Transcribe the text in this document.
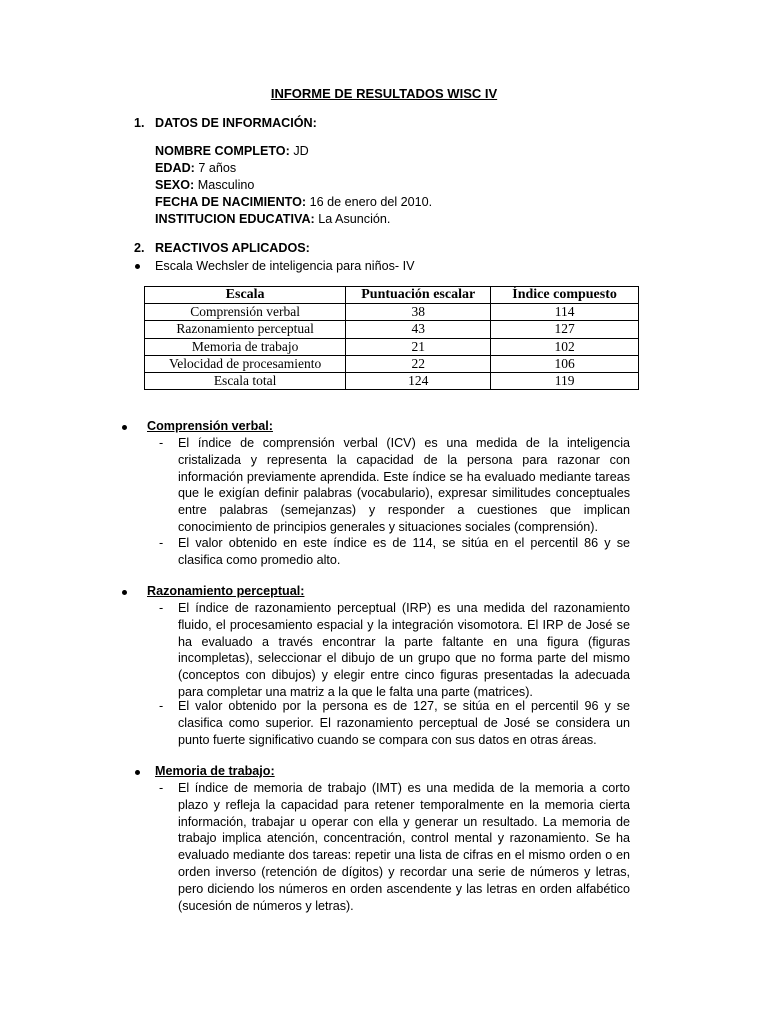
INFORME DE RESULTADOS WISC IV
1. DATOS DE INFORMACIÓN:
NOMBRE COMPLETO: JD
EDAD: 7 años
SEXO: Masculino
FECHA DE NACIMIENTO: 16 de enero del 2010.
INSTITUCION EDUCATIVA: La Asunción.
2. REACTIVOS APLICADOS:
Escala Wechsler de inteligencia para niños- IV
Escala	Puntuación escalar	Índice compuesto
Comprensión verbal	38	114
Razonamiento perceptual	43	127
Memoria de trabajo	21	102
Velocidad de procesamiento	22	106
Escala total	124	119
Comprensión verbal:
- El índice de comprensión verbal (ICV) es una medida de la inteligencia cristalizada y representa la capacidad de la persona para razonar con información previamente aprendida. Este índice se ha evaluado mediante tareas que le exigían definir palabras (vocabulario), expresar similitudes conceptuales entre palabras (semejanzas) y responder a cuestiones que implican conocimiento de principios generales y situaciones sociales (comprensión).
- El valor obtenido en este índice es de 114, se sitúa en el percentil 86 y se clasifica como promedio alto.
Razonamiento perceptual:
- El índice de razonamiento perceptual (IRP) es una medida del razonamiento fluido, el procesamiento espacial y la integración visomotora. El IRP de José se ha evaluado a través encontrar la parte faltante en una figura (figuras incompletas), seleccionar el dibujo de un grupo que no forma parte del mismo (conceptos con dibujos) y elegir entre cinco figuras presentadas la adecuada para completar una matriz a la que le falta una parte (matrices).
- El valor obtenido por la persona es de 127, se sitúa en el percentil 96 y se clasifica como superior. El razonamiento perceptual de José se considera un punto fuerte significativo cuando se compara con sus datos en otras áreas.
Memoria de trabajo:
- El índice de memoria de trabajo (IMT) es una medida de la memoria a corto plazo y refleja la capacidad para retener temporalmente en la memoria cierta información, trabajar u operar con ella y generar un resultado. La memoria de trabajo implica atención, concentración, control mental y razonamiento. Se ha evaluado mediante dos tareas: repetir una lista de cifras en el mismo orden o en orden inverso (retención de dígitos) y recordar una serie de números y letras, pero diciendo los números en orden ascendente y las letras en orden alfabético (sucesión de números y letras).
